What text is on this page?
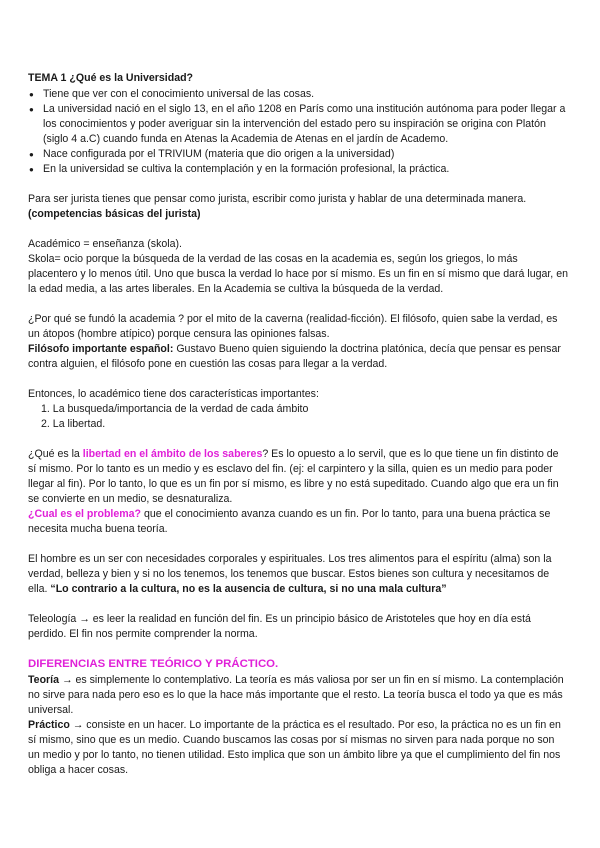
TEMA 1 ¿Qué es la Universidad?

● Tiene que ver con el conocimiento universal de las cosas.
● La universidad nació en el siglo 13, en el año 1208 en París como una institución autónoma para poder llegar a los conocimientos y poder averiguar sin la intervención del estado pero su inspiración se origina con Platón (siglo 4 a.C) cuando funda en Atenas la Academia de Atenas en el jardín de Academo.
● Nace configurada por el TRIVIUM (materia que dio origen a la universidad)
● En la universidad se cultiva la contemplación y en la formación profesional, la práctica.

Para ser jurista tienes que pensar como jurista, escribir como jurista y hablar de una determinada manera.
(competencias básicas del jurista)

Académico = enseñanza (skola).
Skola= ocio porque la búsqueda de la verdad de las cosas en la academia es, según los griegos, lo más placentero y lo menos útil. Uno que busca la verdad lo hace por sí mismo. Es un fin en sí mismo que dará lugar, en la edad media, a las artes liberales. En la Academia se cultiva la búsqueda de la verdad.

¿Por qué se fundó la academia ? por el mito de la caverna (realidad-ficción). El filósofo, quien sabe la verdad, es un átopos (hombre atípico) porque censura las opiniones falsas.
Filósofo importante español: Gustavo Bueno quien siguiendo la doctrina platónica, decía que pensar es pensar contra alguien, el filósofo pone en cuestión las cosas para llegar a la verdad.

Entonces, lo académico tiene dos características importantes:

1. La busqueda/importancia de la verdad de cada ámbito
2. La libertad.

¿Qué es la libertad en el ámbito de los saberes? Es lo opuesto a lo servil, que es lo que tiene un fin distinto de sí mismo. Por lo tanto es un medio y es esclavo del fin. (ej: el carpintero y la silla, quien es un medio para poder llegar al fin). Por lo tanto, lo que es un fin por sí mismo, es libre y no está supeditado. Cuando algo que era un fin se convierte en un medio, se desnaturaliza.
¿Cual es el problema? que el conocimiento avanza cuando es un fin. Por lo tanto, para una buena práctica se necesita mucha buena teoría.

El hombre es un ser con necesidades corporales y espirituales. Los tres alimentos para el espíritu (alma) son la verdad, belleza y bien y si no los tenemos, los tenemos que buscar. Estos bienes son cultura y necesitamos de ella. “Lo contrario a la cultura, no es la ausencia de cultura, si no una mala cultura”

Teleología → es leer la realidad en función del fin. Es un principio básico de Aristoteles que hoy en día está perdido. El fin nos permite comprender la norma.

DIFERENCIAS ENTRE TEÓRICO Y PRÁCTICO.

Teoría → es simplemente lo contemplativo. La teoría es más valiosa por ser un fin en sí mismo. La contemplación no sirve para nada pero eso es lo que la hace más importante que el resto. La teoría busca el todo ya que es más universal.

Práctico → consiste en un hacer. Lo importante de la práctica es el resultado. Por eso, la práctica no es un fin en sí mismo, sino que es un medio. Cuando buscamos las cosas por sí mismas no sirven para nada porque no son un medio y por lo tanto, no tienen utilidad. Esto implica que son un ámbito libre ya que el cumplimiento del fin nos obliga a hacer cosas.
